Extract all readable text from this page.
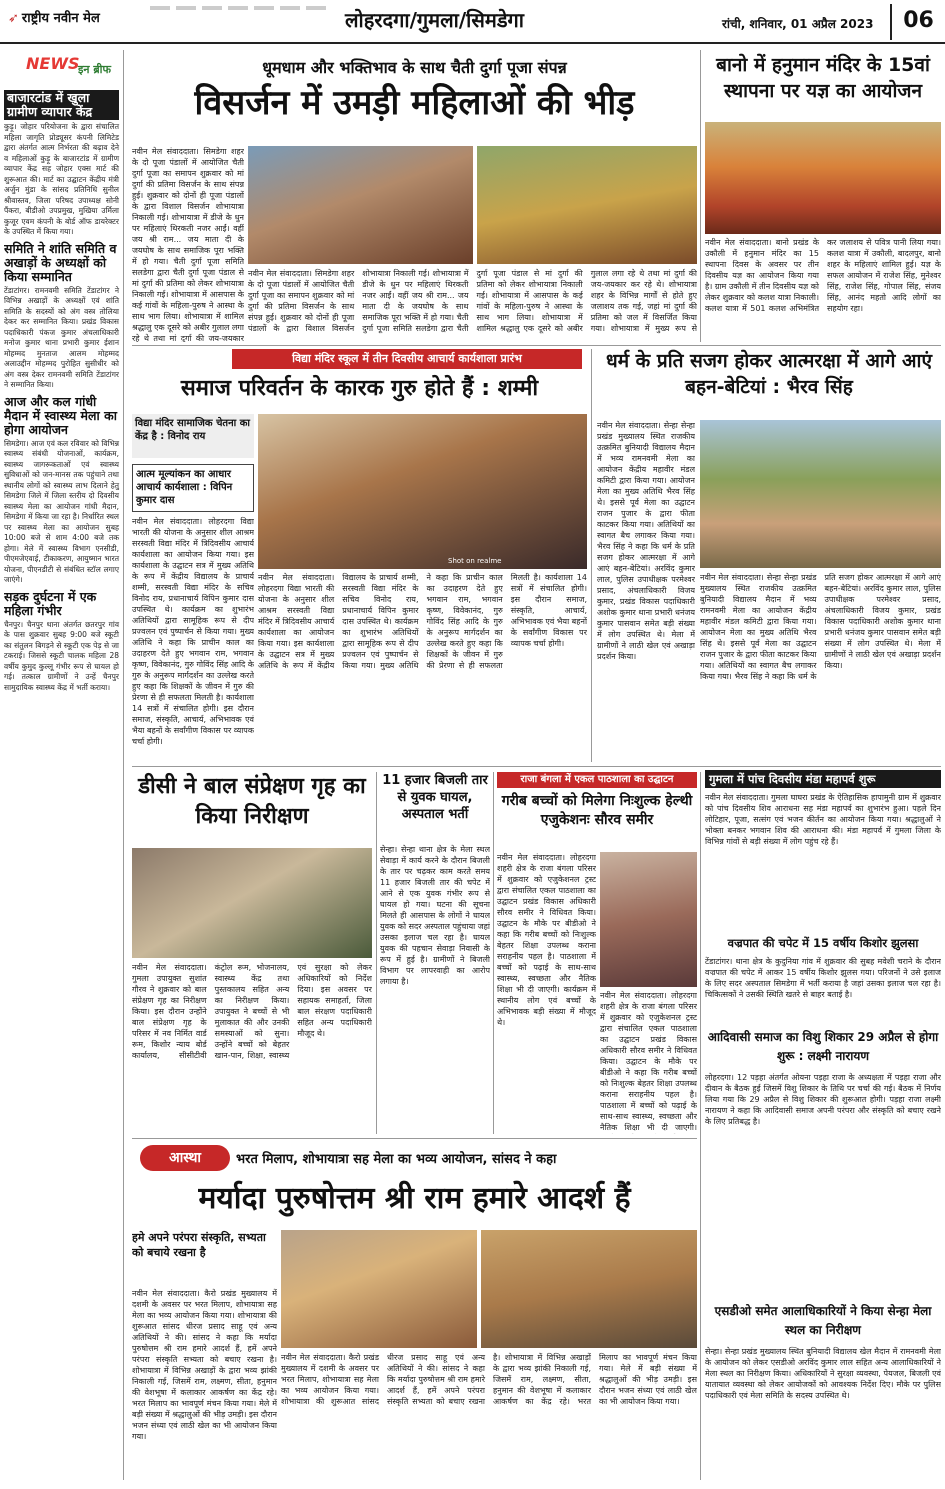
➶ राष्ट्रीय नवीन मेल	लोहरदगा/गुमला/सिमडेगा	रांची, शनिवार, 01 अप्रैल 2023	06
NEWS
इन ब्रीफ
बाजारटांड में खुला ग्रामीण व्यापार केंद्र

कुड़ू। जोहार परियोजना के द्वारा संचालित महिला जागृति प्रोड्यूसर कंपनी लिमिटेड द्वारा अंतर्गत आत्म निर्भरता की बढ़ाव देने व महिलाओं कुड़ू के बाजारटांड में ग्रामीण व्यापार केंद्र सह जोहार एक्स मार्ट की शुरूआत की। मार्ट का उद्घाटन केंद्रीय मंत्री अर्जुन मुंडा के सांसद प्रतिनिधि सुनील श्रीवास्तव, जिला परिषद उपाध्यक्ष सोनी पैंकरा, बीडीओ उपप्रमुख, मुखिया उर्मिला कुजूर एवम कंपनी के बोर्ड ऑफ डायरेक्टर के उपस्थित में किया गया।

समिति ने शांति समिति व अखाड़ों के अध्यक्षों को किया सम्मानित

टेंडाटांगर। रामनवमी समिति टेंडाटांगर ने विभिन्न अखाड़ों के अध्यक्षों एवं शांति समिति के सदस्यों को अंग वस्त्र तोलिया देकर कर सम्मानित किया। प्रखंड विकास पदाधिकारी पंकज कुमार अंचलाधिकारी मनोज कुमार थाना प्रभारी कुमार ईशान मोहम्मद मुनताज आलम मोहम्मद अलाउद्दीन मोहम्मद पुरोहित सुसीधीर को अंग वस्त्र देकर रामनवमी समिति टेंडाटांगर ने सम्मानित किया।

आज और कल गांधी मैदान में स्वास्थ्य मेला का होगा आयोजन

सिमडेगा। आज एवं कल रविवार को विभिन्न स्वास्थ्य संबंधी योजनाओं, कार्यक्रम, स्वास्थ्य जागरूकताओं एवं स्वास्थ्य सुविधाओं को जन-मानस तक पहुंचाने तथा स्थानीय लोगों को स्वास्थ्य लाभ दिलाने हेतु सिमडेगा जिले में जिला स्तरीय दो दिवसीय स्वास्थ्य मेला का आयोजन गांधी मैदान, सिमडेगा में किया जा रहा है। निर्धारित स्थल पर स्वास्थ्य मेला का आयोजन सुबह 10:00 बजे से शाम 4:00 बजे तक होगा। मेले में स्वास्थ्य विभाग एनसीडी, पीएमजेएवाई, टीकाकरण, आयुष्मान भारत योजना, पीएनडीटी से संबंधित स्टॉल लगाए जाएंगे।

सड़क दुर्घटना में एक महिला गंभीर

चैनपुर। चैनपुर थाना अंतर्गत छतरपुर गांव के पास शुक्रवार सुबह 9:00 बजे स्कूटी का संतुलन बिगड़ने से स्कूटी एक पेड़ से जा टकराई। जिससे स्कूटी चालक महिला 28 वर्षीय कुमुद कुल्लू गंभीर रूप से घायल हो गई। तत्काल ग्रामीणों ने उन्हें चैनपुर सामुदायिक स्वास्थ्य केंद्र में भर्ती कराया।

धूमधाम और भक्तिभाव के साथ चैती दुर्गा पूजा संपन्न
विसर्जन में उमड़ी महिलाओं की भीड़
नवीन मेल संवाददाता। सिमडेगा शहर के दो पूजा पंडालों में आयोजित चैती दुर्गा पूजा का समापन शुक्रवार को मां दुर्गा की प्रतिमा विसर्जन के साथ संपन्न हुई। शुक्रवार को दोनों ही पूजा पंडालों के द्वारा विशाल विसर्जन शोभायात्रा निकाली गई। शोभायात्रा में डीजे के धुन पर महिलाएं थिरकती नजर आईं। वहीं जय श्री राम... जय माता दी के जयघोष के साथ समाजिक पूरा भक्ति में हो गया। चैती दुर्गा पूजा समिति सलडेगा द्वारा चैती दुर्गा पूजा पंडाल से मां दुर्गा की प्रतिमा को लेकर शोभायात्रा निकाली गई। शोभायात्रा में आसपास के कई गांवों के महिला-पुरुष ने आस्था के साथ भाग लिया। शोभायात्रा में शामिल श्रद्धालु एक दूसरे को अबीर गुलाल लगा रहे थे तथा मां दुर्गा की जय-जयकार
नवीन मेल संवाददाता। सिमडेगा शहर के दो पूजा पंडालों में आयोजित चैती दुर्गा पूजा का समापन शुक्रवार को मां दुर्गा की प्रतिमा विसर्जन के साथ संपन्न हुई। शुक्रवार को दोनों ही पूजा पंडालों के द्वारा विशाल विसर्जन शोभायात्रा निकाली गई। शोभायात्रा में डीजे के धुन पर महिलाएं थिरकती नजर आईं। वहीं जय श्री राम... जय माता दी के जयघोष के साथ समाजिक पूरा भक्ति में हो गया। चैती दुर्गा पूजा समिति सलडेगा द्वारा चैती दुर्गा पूजा पंडाल से मां दुर्गा की प्रतिमा को लेकर शोभायात्रा निकाली गई। शोभायात्रा में आसपास के कई गांवों के महिला-पुरुष ने आस्था के साथ भाग लिया। शोभायात्रा में शामिल श्रद्धालु एक दूसरे को अबीर गुलाल लगा रहे थे तथा मां दुर्गा की जय-जयकार कर रहे थे। शोभायात्रा शहर के विभिन्न मार्गों से होते हुए जलाशय तक गई, जहां मां दुर्गा की प्रतिमा को जल में विसर्जित किया गया। शोभायात्रा में मुख्य रूप से
बानो में हनुमान मंदिर के 15वां स्थापना पर यज्ञ का आयोजन
नवीन मेल संवाददाता। बानो प्रखंड के उकौली में हनुमान मंदिर का 15 स्थापना दिवस के अवसर पर तीन दिवसीय यज्ञ का आयोजन किया गया है। ग्राम उकौली में तीन दिवसीय यज्ञ को लेकर शुक्रवार को कलश यात्रा निकाली। कलश यात्रा में 501 कलश अभिमंत्रित कर जलाशय से पवित्र पानी लिया गया। कलश यात्रा में उकौली, बादलपुर, बानो शहर के महिलाएं शामिल हुई। यज्ञ के सफल आयोजन में राजेश सिंह, मुनेश्वर सिंह, राजेश सिंह, गोपाल सिंह, संजय सिंह, आनंद महतो आदि लोगों का सहयोग रहा।
विद्या मंदिर स्कूल में तीन दिवसीय आचार्य कार्यशाला प्रारंभ
समाज परिवर्तन के कारक गुरु होते हैं : शम्मी
विद्या मंदिर सामाजिक चेतना का केंद्र है : विनोद राय
आत्म मूल्यांकन का आधार आचार्य कार्यशाला : विपिन कुमार दास
Shot on realme
नवीन मेल संवाददाता। लोहरदगा विद्या भारती की योजना के अनुसार शील आश्रम सरस्वती विद्या मंदिर में त्रिदिवसीय आचार्य कार्यशाला का आयोजन किया गया। इस कार्यशाला के उद्घाटन सत्र में मुख्य अतिथि के रूप में केंद्रीय विद्यालय के प्राचार्य शम्मी, सरस्वती विद्या मंदिर के सचिव विनोद राय, प्रधानाचार्य विपिन कुमार दास उपस्थित थे। कार्यक्रम का शुभारंभ अतिथियों द्वारा सामूहिक रूप से दीप प्रज्वलन एवं पुष्पार्चन से किया गया। मुख्य अतिथि ने कहा कि प्राचीन काल का उदाहरण देते हुए भगवान राम, भगवान कृष्ण, विवेकानंद, गुरु गोविंद सिंह आदि के गुरु के अनुरूप मार्गदर्शन का उल्लेख करते हुए कहा कि शिक्षकों के जीवन में गुरु की प्रेरणा से ही सफलता मिलती है। कार्यशाला 14 सत्रों में संचालित होगी। इस दौरान समाज, संस्कृति, आचार्य, अभिभावक एवं भैया बहनों के सर्वांगीण विकास पर व्यापक चर्चा होगी।
नवीन मेल संवाददाता। लोहरदगा विद्या भारती की योजना के अनुसार शील आश्रम सरस्वती विद्या मंदिर में त्रिदिवसीय आचार्य कार्यशाला का आयोजन किया गया। इस कार्यशाला के उद्घाटन सत्र में मुख्य अतिथि के रूप में केंद्रीय विद्यालय के प्राचार्य शम्मी, सरस्वती विद्या मंदिर के सचिव विनोद राय, प्रधानाचार्य विपिन कुमार दास उपस्थित थे। कार्यक्रम का शुभारंभ अतिथियों द्वारा सामूहिक रूप से दीप प्रज्वलन एवं पुष्पार्चन से किया गया। मुख्य अतिथि ने कहा कि प्राचीन काल का उदाहरण देते हुए भगवान राम, भगवान कृष्ण, विवेकानंद, गुरु गोविंद सिंह आदि के गुरु के अनुरूप मार्गदर्शन का उल्लेख करते हुए कहा कि शिक्षकों के जीवन में गुरु की प्रेरणा से ही सफलता मिलती है। कार्यशाला 14 सत्रों में संचालित होगी। इस दौरान समाज, संस्कृति, आचार्य, अभिभावक एवं भैया बहनों के सर्वांगीण विकास पर व्यापक चर्चा होगी।
धर्म के प्रति सजग होकर आत्मरक्षा में आगे आएं बहन-बेटियां : भैरव सिंह
नवीन मेल संवाददाता। सेन्हा सेन्हा प्रखंड मुख्यालय स्थित राजकीय उत्क्रमित बुनियादी विद्यालय मैदान में भव्य रामनवमी मेला का आयोजन केंद्रीय महावीर मंडल कमिटी द्वारा किया गया। आयोजन मेला का मुख्य अतिथि भैरव सिंह थे। इससे पूर्व मेला का उद्घाटन राजन पुजार के द्वारा फीता काटकर किया गया। अतिथियों का स्वागत बैच लगाकर किया गया। भैरव सिंह ने कहा कि धर्म के प्रति सजग होकर आत्मरक्षा में आगे आएं बहन-बेटियां। अरविंद कुमार लाल, पुलिस उपाधीक्षक परमेश्वर प्रसाद, अंचलाधिकारी विजय कुमार, प्रखंड विकास पदाधिकारी अशोक कुमार थाना प्रभारी धनंजय कुमार पासवान समेत बड़ी संख्या में लोग उपस्थित थे। मेला में ग्रामीणों ने लाठी खेल एवं अखाड़ा प्रदर्शन किया।
नवीन मेल संवाददाता। सेन्हा सेन्हा प्रखंड मुख्यालय स्थित राजकीय उत्क्रमित बुनियादी विद्यालय मैदान में भव्य रामनवमी मेला का आयोजन केंद्रीय महावीर मंडल कमिटी द्वारा किया गया। आयोजन मेला का मुख्य अतिथि भैरव सिंह थे। इससे पूर्व मेला का उद्घाटन राजन पुजार के द्वारा फीता काटकर किया गया। अतिथियों का स्वागत बैच लगाकर किया गया। भैरव सिंह ने कहा कि धर्म के प्रति सजग होकर आत्मरक्षा में आगे आएं बहन-बेटियां। अरविंद कुमार लाल, पुलिस उपाधीक्षक परमेश्वर प्रसाद, अंचलाधिकारी विजय कुमार, प्रखंड विकास पदाधिकारी अशोक कुमार थाना प्रभारी धनंजय कुमार पासवान समेत बड़ी संख्या में लोग उपस्थित थे। मेला में ग्रामीणों ने लाठी खेल एवं अखाड़ा प्रदर्शन किया।
डीसी ने बाल संप्रेक्षण गृह का किया निरीक्षण
नवीन मेल संवाददाता। गुमला उपायुक्त सुशांत गौरव ने शुक्रवार को बाल संप्रेक्षण गृह का निरीक्षण किया। इस दौरान उन्होंने बाल संप्रेक्षण गृह के परिसर में नव निर्मित वार्ड रूम, किशोर न्याय बोर्ड कार्यालय, सीसीटीवी कंट्रोल रूम, भोजनालय, स्वास्थ्य केंद्र तथा पुस्तकालय सहित अन्य का निरीक्षण किया। उपायुक्त ने बच्चों से भी मुलाकात की और उनकी समस्याओं को सुना। उन्होंने बच्चों को बेहतर खान-पान, शिक्षा, स्वास्थ्य एवं सुरक्षा को लेकर अधिकारियों को निर्देश दिया। इस अवसर पर सहायक समाहर्ता, जिला बाल संरक्षण पदाधिकारी सहित अन्य पदाधिकारी मौजूद थे।
11 हजार बिजली तार से युवक घायल, अस्पताल भर्ती
सेन्हा। सेन्हा थाना क्षेत्र के मेला स्थल सेवाड़ा में कार्य करने के दौरान बिजली के तार पर चढ़कर काम करते समय 11 हजार बिजली तार की चपेट में आने से एक युवक गंभीर रूप से घायल हो गया। घटना की सूचना मिलते ही आसपास के लोगों ने घायल युवक को सदर अस्पताल पहुंचाया जहां उसका इलाज चल रहा है। घायल युवक की पहचान सेवाड़ा निवासी के रूप में हुई है। ग्रामीणों ने बिजली विभाग पर लापरवाही का आरोप लगाया है।
राजा बंगला में एकल पाठशाला का उद्घाटन
गरीब बच्चों को मिलेगा निःशुल्क हेल्थी एजुकेशनः सौरव समीर
नवीन मेल संवाददाता। लोहरदगा शहरी क्षेत्र के राजा बंगला परिसर में शुक्रवार को एजुकेशनल ट्रस्ट द्वारा संचालित एकल पाठशाला का उद्घाटन प्रखंड विकास अधिकारी सौरव समीर ने विधिवत किया। उद्घाटन के मौके पर बीडीओ ने कहा कि गरीब बच्चों को निःशुल्क बेहतर शिक्षा उपलब्ध कराना सराहनीय पहल है। पाठशाला में बच्चों को पढ़ाई के साथ-साथ स्वास्थ्य, स्वच्छता और नैतिक शिक्षा भी दी जाएगी। कार्यक्रम में स्थानीय लोग एवं बच्चों के अभिभावक बड़ी संख्या में मौजूद थे।
नवीन मेल संवाददाता। लोहरदगा शहरी क्षेत्र के राजा बंगला परिसर में शुक्रवार को एजुकेशनल ट्रस्ट द्वारा संचालित एकल पाठशाला का उद्घाटन प्रखंड विकास अधिकारी सौरव समीर ने विधिवत किया। उद्घाटन के मौके पर बीडीओ ने कहा कि गरीब बच्चों को निःशुल्क बेहतर शिक्षा उपलब्ध कराना सराहनीय पहल है। पाठशाला में बच्चों को पढ़ाई के साथ-साथ स्वास्थ्य, स्वच्छता और नैतिक शिक्षा भी दी जाएगी।
गुमला में पांच दिवसीय मंडा महापर्व शुरू
नवीन मेल संवाददाता। गुमला घाघरा प्रखंड के ऐतिहासिक हापामुनी ग्राम में शुक्रवार को पांच दिवसीय शिव आराधना सह मंडा महापर्व का शुभारंभ हुआ। पहले दिन लोटिहार, पूजा, सत्संग एवं भजन कीर्तन का आयोजन किया गया। श्रद्धालुओं ने भोक्ता बनकर भगवान शिव की आराधना की। मंडा महापर्व में गुमला जिला के विभिन्न गांवों से बड़ी संख्या में लोग पहुंच रहे हैं।
वज्रपात की चपेट में 15 वर्षीय किशोर झुलसा
टेंडाटांगर। थाना क्षेत्र के कुदुनिया गांव में शुक्रवार की सुबह मवेशी चराने के दौरान वज्रपात की चपेट में आकर 15 वर्षीय किशोर झुलस गया। परिजनों ने उसे इलाज के लिए सदर अस्पताल सिमडेगा में भर्ती कराया है जहां उसका इलाज चल रहा है। चिकित्सकों ने उसकी स्थिति खतरे से बाहर बताई है।
आदिवासी समाज का विशु शिकार 29 अप्रैल से होगा शुरू : लक्ष्मी नारायण
लोहरदगा। 12 पड़हा अंतर्गत ओयना पड़हा राजा के अध्यक्षता में पड़हा राजा और दीवान के बैठक हुई जिसमें विशु शिकार के तिथि पर चर्चा की गई। बैठक में निर्णय लिया गया कि 29 अप्रैल से विशु शिकार की शुरूआत होगी। पड़हा राजा लक्ष्मी नारायण ने कहा कि आदिवासी समाज अपनी परंपरा और संस्कृति को बचाए रखने के लिए प्रतिबद्ध है।
एसडीओ समेत आलाधिकारियों ने किया सेन्हा मेला स्थल का निरीक्षण
सेन्हा। सेन्हा प्रखंड मुख्यालय स्थित बुनियादी विद्यालय खेल मैदान में रामनवमी मेला के आयोजन को लेकर एसडीओ अरविंद कुमार लाल सहित अन्य आलाधिकारियों ने मेला स्थल का निरीक्षण किया। अधिकारियों ने सुरक्षा व्यवस्था, पेयजल, बिजली एवं यातायात व्यवस्था को लेकर आयोजकों को आवश्यक निर्देश दिए। मौके पर पुलिस पदाधिकारी एवं मेला समिति के सदस्य उपस्थित थे।
आस्था	भरत मिलाप, शोभायात्रा सह मेला का भव्य आयोजन, सांसद ने कहा
मर्यादा पुरुषोत्तम श्री राम हमारे आदर्श हैं
हमे अपने परंपरा संस्कृति, सभ्यता को बचाये रखना है
नवीन मेल संवाददाता। कैरो प्रखंड मुख्यालय में दशमी के अवसर पर भरत मिलाप, शोभायात्रा सह मेला का भव्य आयोजन किया गया। शोभायात्रा की शुरूआत सांसद धीरज प्रसाद साहू एवं अन्य अतिथियों ने की। सांसद ने कहा कि मर्यादा पुरुषोत्तम श्री राम हमारे आदर्श हैं, हमें अपने परंपरा संस्कृति सभ्यता को बचाए रखना है। शोभायात्रा में विभिन्न अखाड़ों के द्वारा भव्य झांकी निकाली गई, जिसमें राम, लक्ष्मण, सीता, हनुमान की वेशभूषा में कलाकार आकर्षण का केंद्र रहे। भरत मिलाप का भावपूर्ण मंचन किया गया। मेले में बड़ी संख्या में श्रद्धालुओं की भीड़ उमड़ी। इस दौरान भजन संध्या एवं लाठी खेल का भी आयोजन किया गया।
नवीन मेल संवाददाता। कैरो प्रखंड मुख्यालय में दशमी के अवसर पर भरत मिलाप, शोभायात्रा सह मेला का भव्य आयोजन किया गया। शोभायात्रा की शुरूआत सांसद धीरज प्रसाद साहू एवं अन्य अतिथियों ने की। सांसद ने कहा कि मर्यादा पुरुषोत्तम श्री राम हमारे आदर्श हैं, हमें अपने परंपरा संस्कृति सभ्यता को बचाए रखना है। शोभायात्रा में विभिन्न अखाड़ों के द्वारा भव्य झांकी निकाली गई, जिसमें राम, लक्ष्मण, सीता, हनुमान की वेशभूषा में कलाकार आकर्षण का केंद्र रहे। भरत मिलाप का भावपूर्ण मंचन किया गया। मेले में बड़ी संख्या में श्रद्धालुओं की भीड़ उमड़ी। इस दौरान भजन संध्या एवं लाठी खेल का भी आयोजन किया गया।
